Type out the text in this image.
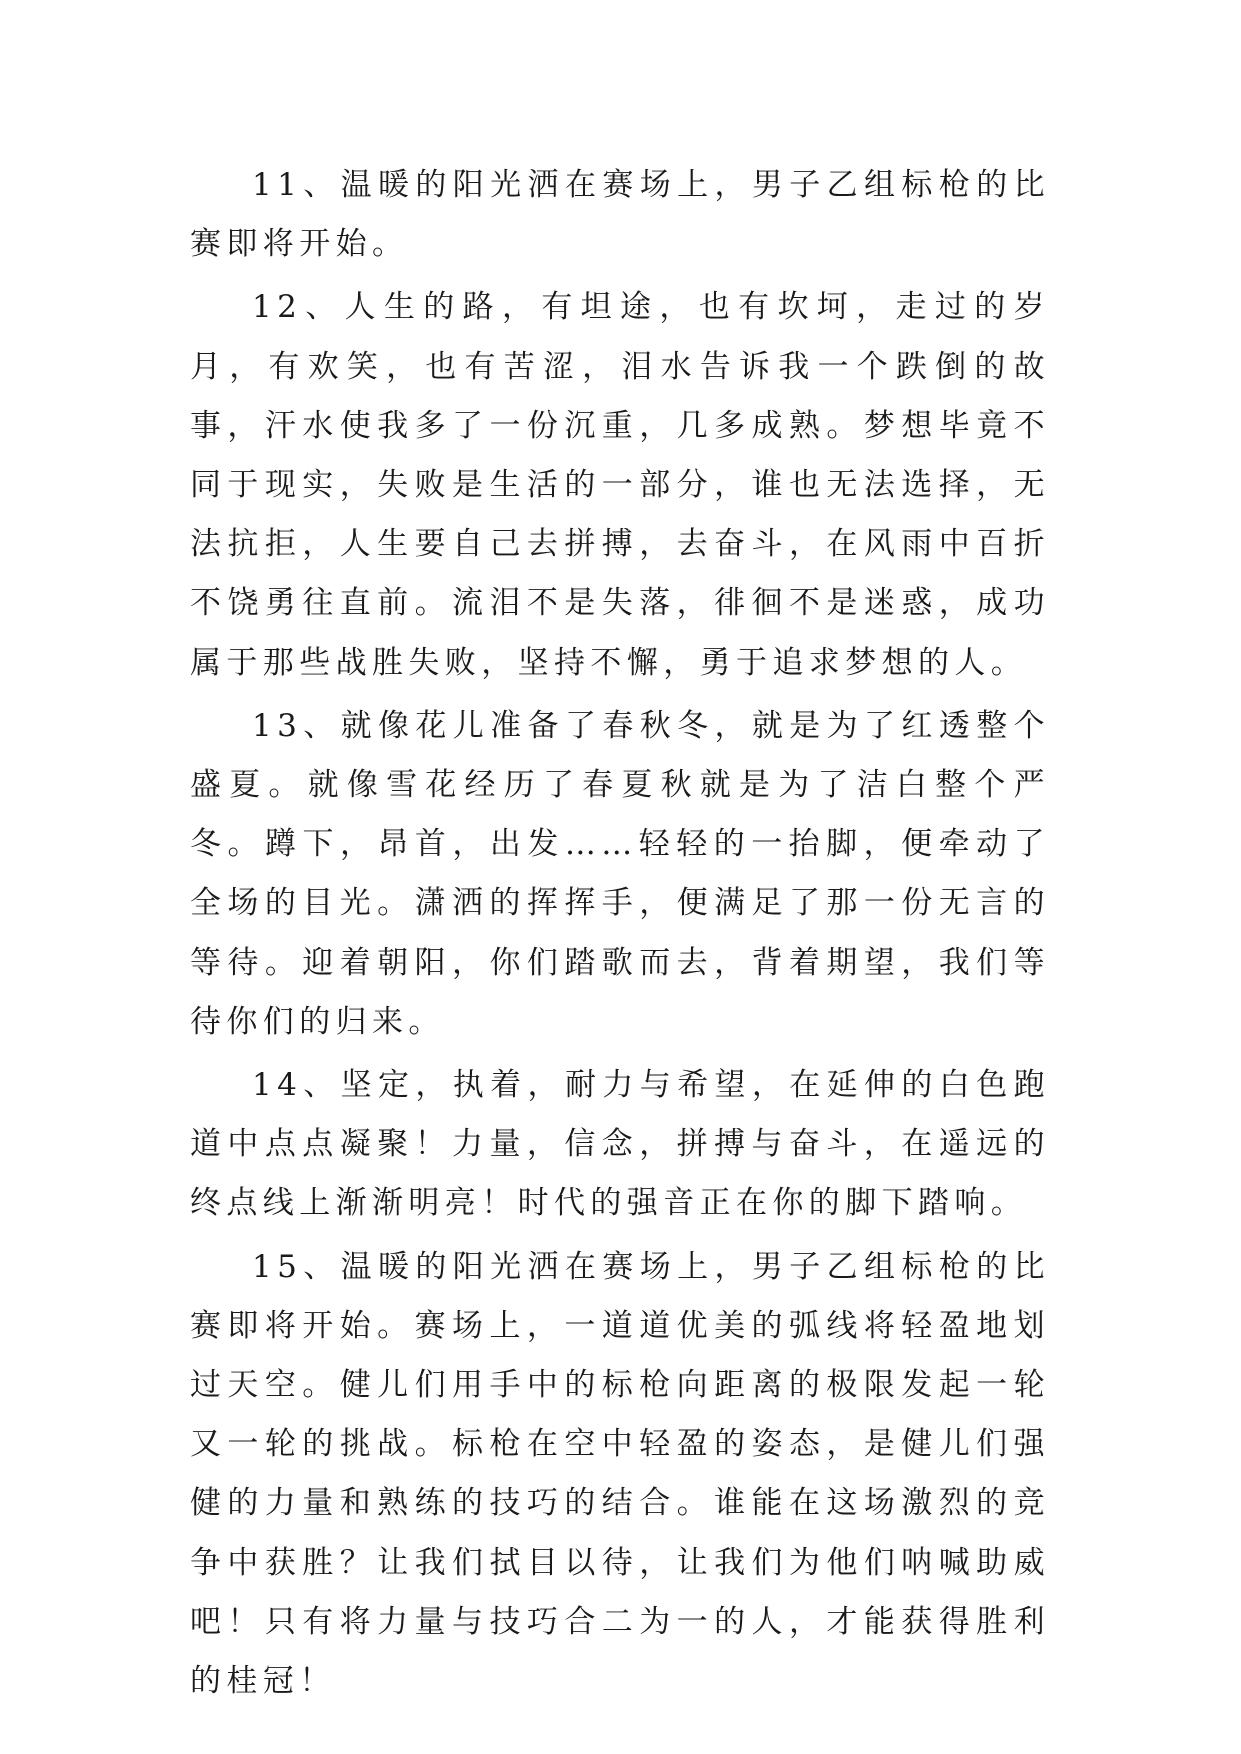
11、温暖的阳光洒在赛场上，男子乙组标枪的比赛即将开始。

12、人生的路，有坦途，也有坎坷，走过的岁月，有欢笑，也有苦涩，泪水告诉我一个跌倒的故事，汗水使我多了一份沉重，几多成熟。梦想毕竟不同于现实，失败是生活的一部分，谁也无法选择，无法抗拒，人生要自己去拼搏，去奋斗，在风雨中百折不饶勇往直前。流泪不是失落，徘徊不是迷惑，成功属于那些战胜失败，坚持不懈，勇于追求梦想的人。

13、就像花儿准备了春秋冬，就是为了红透整个盛夏。就像雪花经历了春夏秋就是为了洁白整个严冬。蹲下，昂首，出发……轻轻的一抬脚，便牵动了全场的目光。潇洒的挥挥手，便满足了那一份无言的等待。迎着朝阳，你们踏歌而去，背着期望，我们等待你们的归来。

14、坚定，执着，耐力与希望，在延伸的白色跑道中点点凝聚！力量，信念，拼搏与奋斗，在遥远的终点线上渐渐明亮！时代的强音正在你的脚下踏响。

15、温暖的阳光洒在赛场上，男子乙组标枪的比赛即将开始。赛场上，一道道优美的弧线将轻盈地划过天空。健儿们用手中的标枪向距离的极限发起一轮又一轮的挑战。标枪在空中轻盈的姿态，是健儿们强健的力量和熟练的技巧的结合。谁能在这场激烈的竞争中获胜？让我们拭目以待，让我们为他们呐喊助威吧！只有将力量与技巧合二为一的人，才能获得胜利的桂冠！
